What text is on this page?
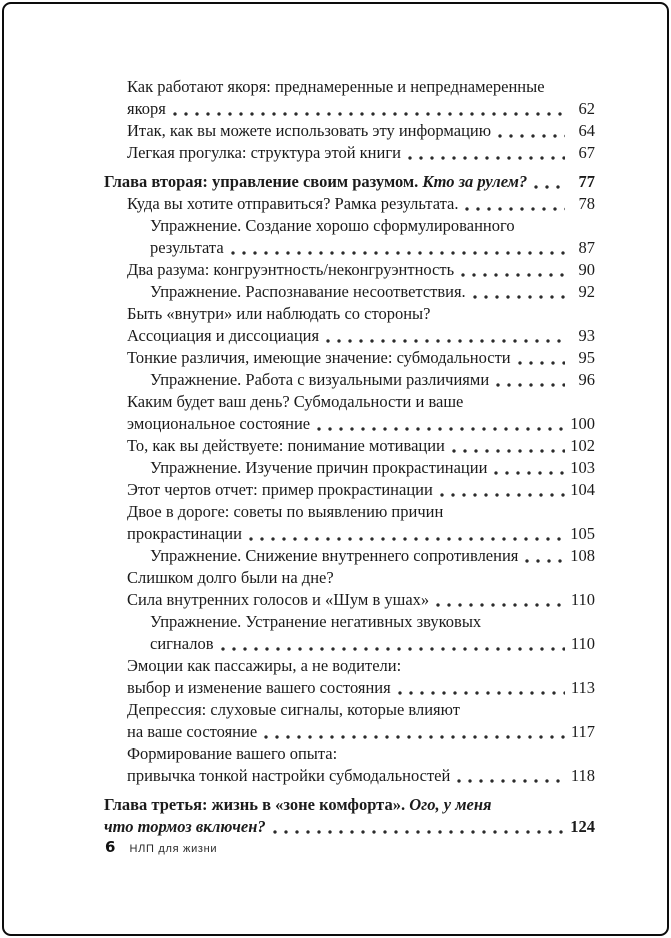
Как работают якоря: преднамеренные и непреднамеренные
якоря	62
Итак, как вы можете использовать эту информацию	64
Легкая прогулка: структура этой книги	67
Глава вторая: управление своим разумом. Кто за рулем?	77
Куда вы хотите отправиться? Рамка результата.	78
Упражнение. Создание хорошо сформулированного
результата	87
Два разума: конгруэнтность/неконгруэнтность	90
Упражнение. Распознавание несоответствия.	92
Быть «внутри» или наблюдать со стороны?
Ассоциация и диссоциация	93
Тонкие различия, имеющие значение: субмодальности	95
Упражнение. Работа с визуальными различиями	96
Каким будет ваш день? Субмодальности и ваше
эмоциональное состояние	100
То, как вы действуете: понимание мотивации	102
Упражнение. Изучение причин прокрастинации	103
Этот чертов отчет: пример прокрастинации	104
Двое в дороге: советы по выявлению причин
прокрастинации	105
Упражнение. Снижение внутреннего сопротивления	108
Слишком долго были на дне?
Сила внутренних голосов и «Шум в ушах»	110
Упражнение. Устранение негативных звуковых
сигналов	110
Эмоции как пассажиры, а не водители:
выбор и изменение вашего состояния	113
Депрессия: слуховые сигналы, которые влияют
на ваше состояние	117
Формирование вашего опыта:
привычка тонкой настройки субмодальностей	118
Глава третья: жизнь в «зоне комфорта». Ого, у меня
что тормоз включен?	124
6 НЛП для жизни
